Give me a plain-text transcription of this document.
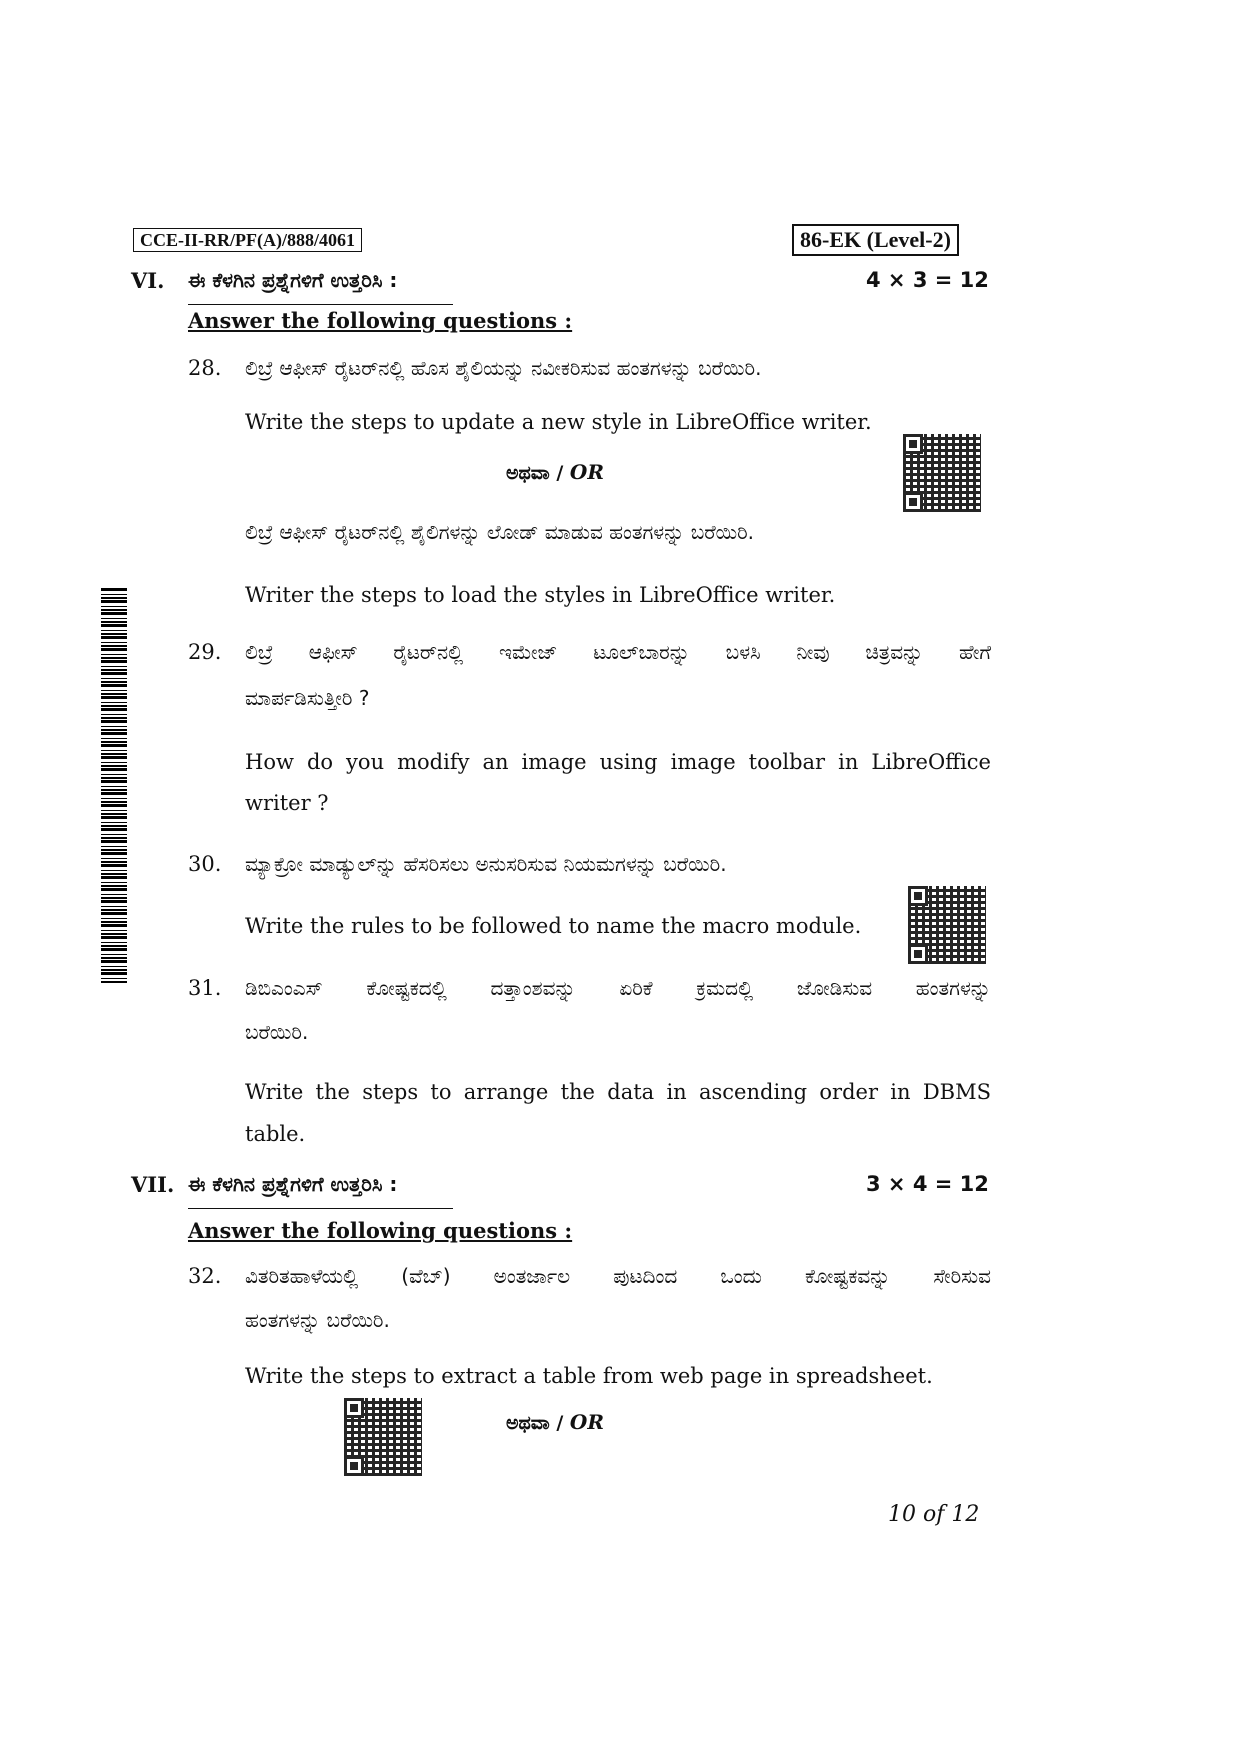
CCE-II-RR/PF(A)/888/4061	86-EK (Level-2)
VI. ಈ ಕೆಳಗಿನ ಪ್ರಶ್ನೆಗಳಿಗೆ ಉತ್ತರಿಸಿ :	4 × 3 = 12
Answer the following questions :
28. ಲಿಬ್ರೆ ಆಫೀಸ್ ರೈಟರ್‌ನಲ್ಲಿ ಹೊಸ ಶೈಲಿಯನ್ನು ನವೀಕರಿಸುವ ಹಂತಗಳನ್ನು ಬರೆಯಿರಿ.
Write the steps to update a new style in LibreOffice writer.
ಅಥವಾ / OR
ಲಿಬ್ರೆ ಆಫೀಸ್ ರೈಟರ್‌ನಲ್ಲಿ ಶೈಲಿಗಳನ್ನು ಲೋಡ್ ಮಾಡುವ ಹಂತಗಳನ್ನು ಬರೆಯಿರಿ.
Writer the steps to load the styles in LibreOffice writer.
29. ಲಿಬ್ರೆ ಆಫೀಸ್ ರೈಟರ್‌ನಲ್ಲಿ ಇಮೇಜ್ ಟೂಲ್‌ಬಾರನ್ನು ಬಳಸಿ ನೀವು ಚಿತ್ರವನ್ನು ಹೇಗೆ
ಮಾರ್ಪಡಿಸುತ್ತೀರಿ ?
How do you modify an image using image toolbar in LibreOffice
writer ?
30. ಮ್ಯಾಕ್ರೋ ಮಾಡ್ಯುಲ್‌ನ್ನು ಹೆಸರಿಸಲು ಅನುಸರಿಸುವ ನಿಯಮಗಳನ್ನು ಬರೆಯಿರಿ.
Write the rules to be followed to name the macro module.
31. ಡಿಬಿಎಂಎಸ್ ಕೋಷ್ಟಕದಲ್ಲಿ ದತ್ತಾಂಶವನ್ನು ಏರಿಕೆ ಕ್ರಮದಲ್ಲಿ ಜೋಡಿಸುವ ಹಂತಗಳನ್ನು
ಬರೆಯಿರಿ.
Write the steps to arrange the data in ascending order in DBMS
table.
VII. ಈ ಕೆಳಗಿನ ಪ್ರಶ್ನೆಗಳಿಗೆ ಉತ್ತರಿಸಿ :	3 × 4 = 12
Answer the following questions :
32. ವಿತರಿತಹಾಳೆಯಲ್ಲಿ (ವೆಬ್) ಅಂತರ್ಜಾಲ ಪುಟದಿಂದ ಒಂದು ಕೋಷ್ಟಕವನ್ನು ಸೇರಿಸುವ
ಹಂತಗಳನ್ನು ಬರೆಯಿರಿ.
Write the steps to extract a table from web page in spreadsheet.
ಅಥವಾ / OR
10 of 12
